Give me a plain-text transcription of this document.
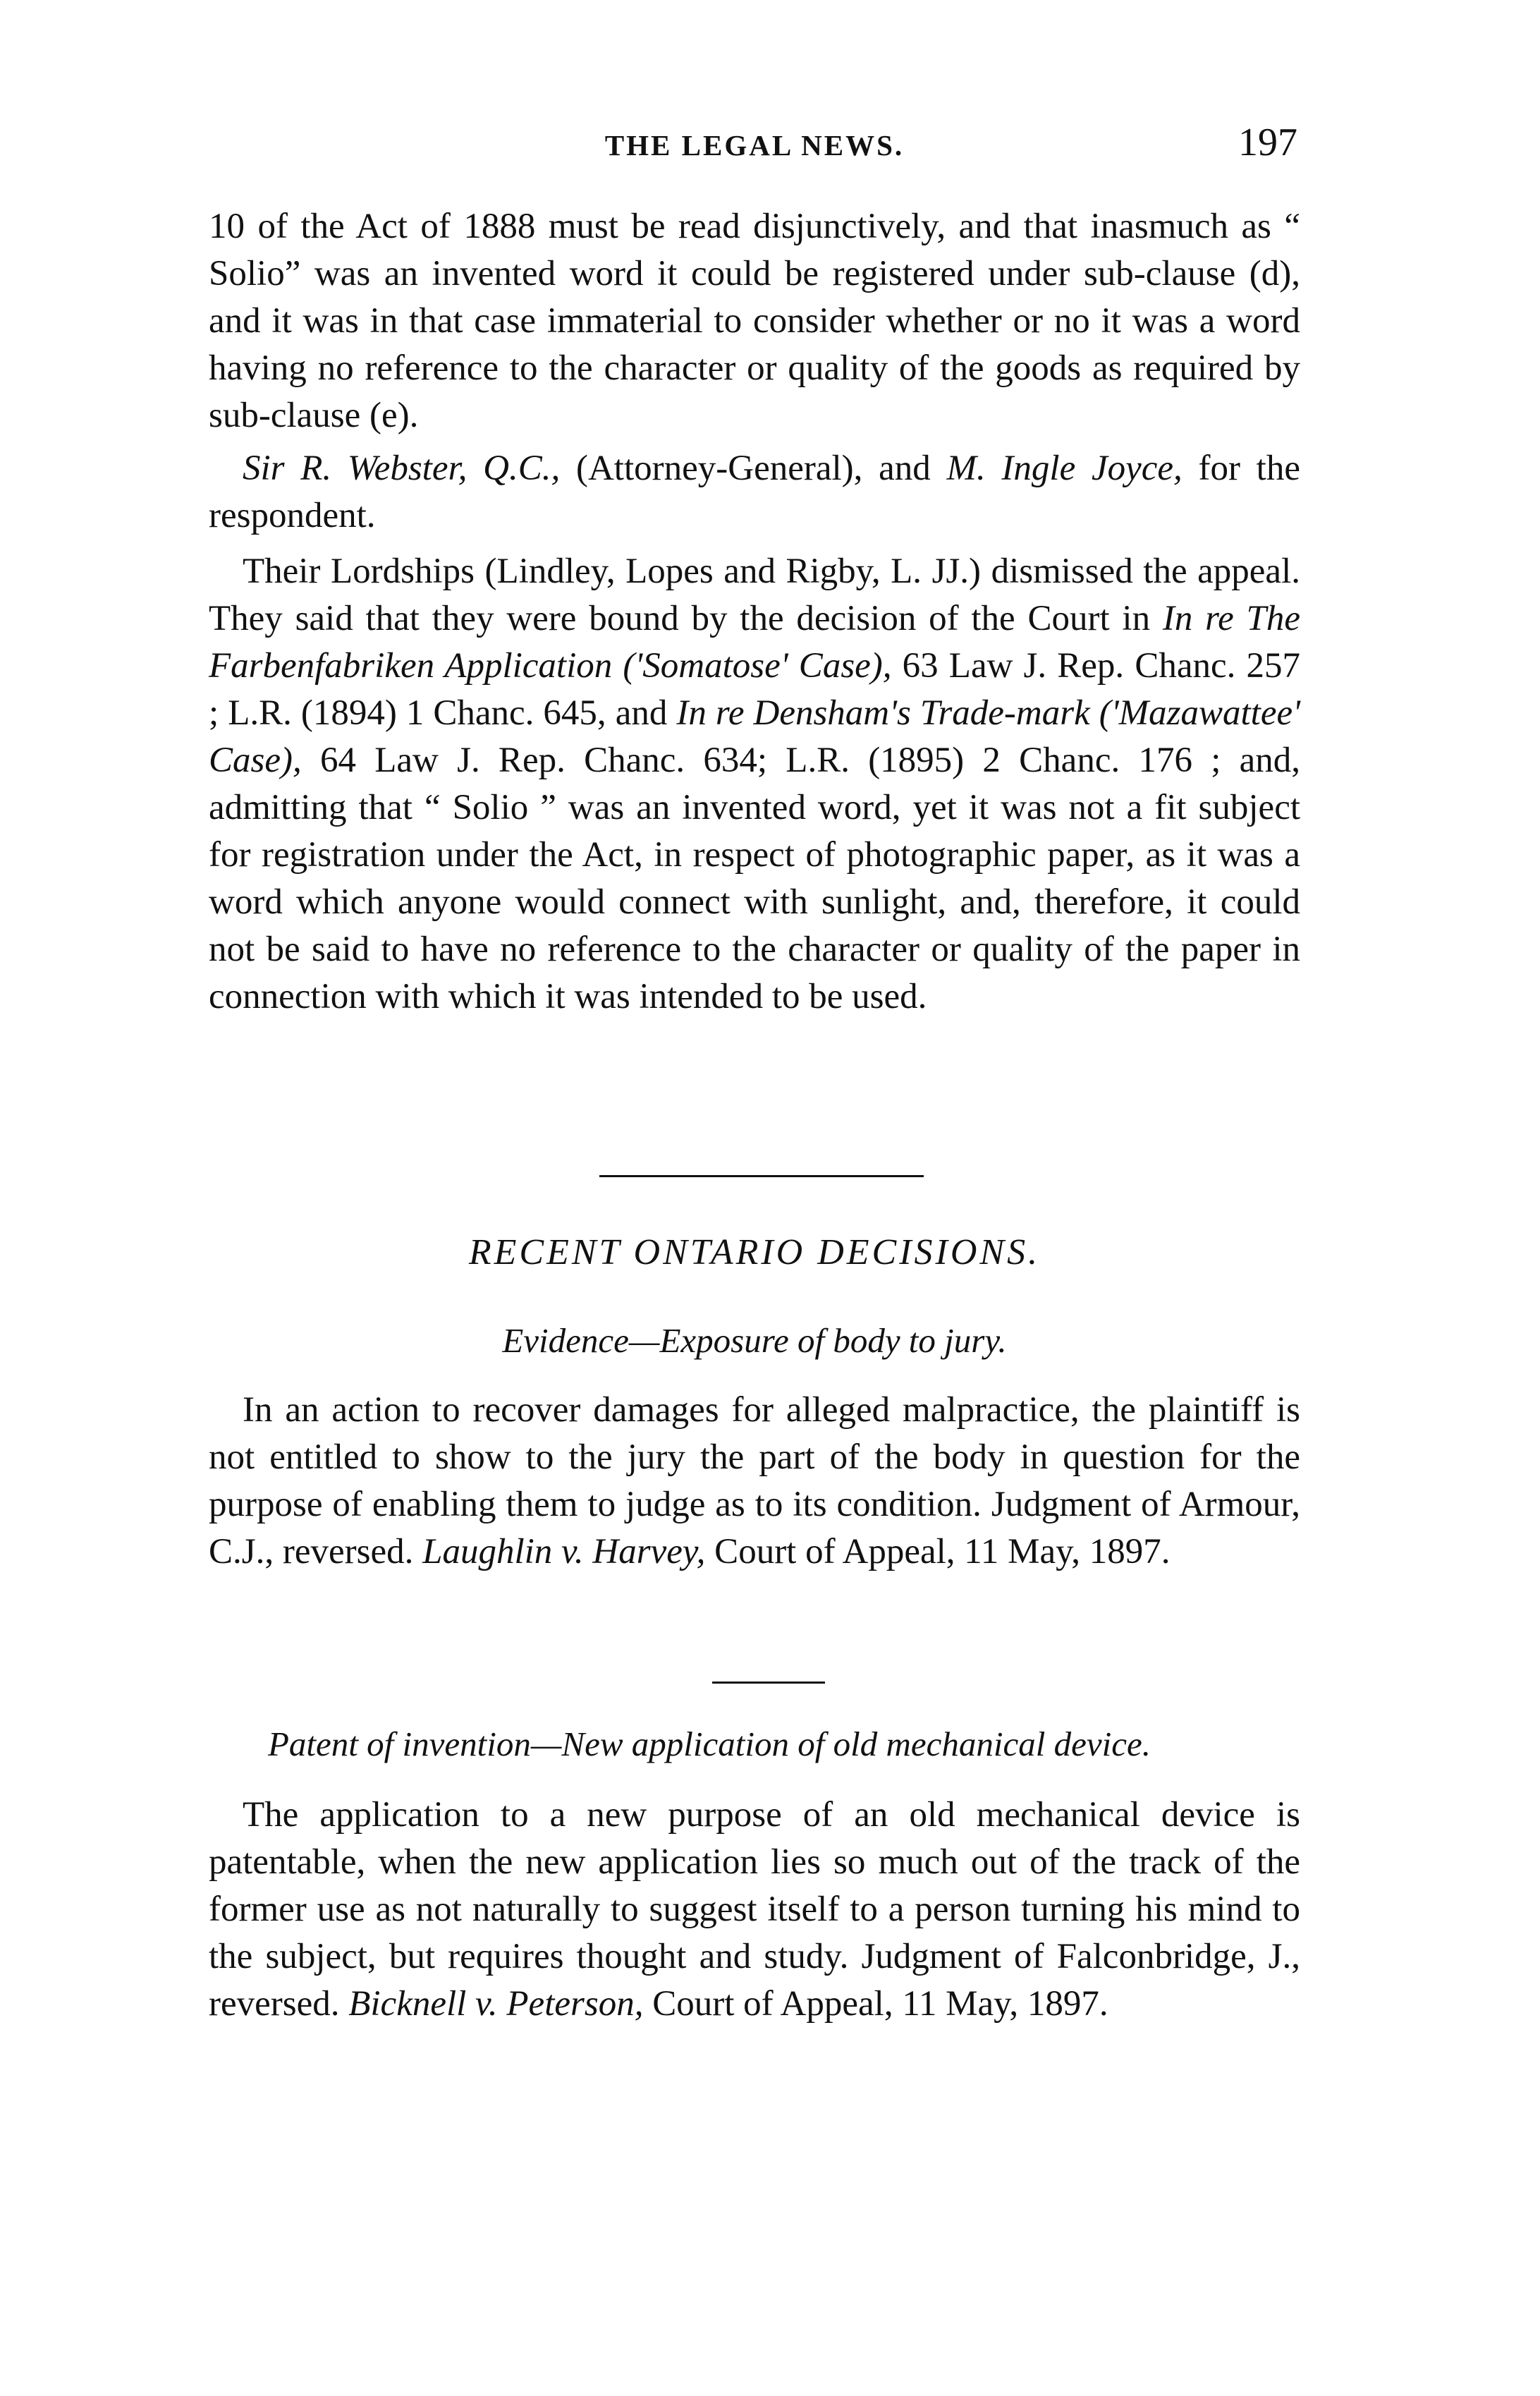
THE LEGAL NEWS.	197

10 of the Act of 1888 must be read disjunctively, and that inasmuch as “ Solio” was an invented word it could be registered under sub-clause (d), and it was in that case immaterial to consider whether or no it was a word having no reference to the character or quality of the goods as required by sub-clause (e).

Sir R. Webster, Q.C., (Attorney-General), and M. Ingle Joyce, for the respondent.

Their Lordships (Lindley, Lopes and Rigby, L. JJ.) dismissed the appeal. They said that they were bound by the decision of the Court in In re The Farbenfabriken Application ('Somatose' Case), 63 Law J. Rep. Chanc. 257 ; L.R. (1894) 1 Chanc. 645, and In re Densham's Trade-mark ('Mazawattee' Case), 64 Law J. Rep. Chanc. 634; L.R. (1895) 2 Chanc. 176 ; and, admitting that “ Solio ” was an invented word, yet it was not a fit subject for registration under the Act, in respect of photographic paper, as it was a word which anyone would connect with sunlight, and, therefore, it could not be said to have no reference to the character or quality of the paper in connection with which it was intended to be used.

RECENT ONTARIO DECISIONS.
Evidence—Exposure of body to jury.

In an action to recover damages for alleged malpractice, the plaintiff is not entitled to show to the jury the part of the body in question for the purpose of enabling them to judge as to its condition. Judgment of Armour, C.J., reversed. Laughlin v. Harvey, Court of Appeal, 11 May, 1897.

Patent of invention—New application of old mechanical device.

The application to a new purpose of an old mechanical device is patentable, when the new application lies so much out of the track of the former use as not naturally to suggest itself to a person turning his mind to the subject, but requires thought and study. Judgment of Falconbridge, J., reversed. Bicknell v. Peterson, Court of Appeal, 11 May, 1897.
